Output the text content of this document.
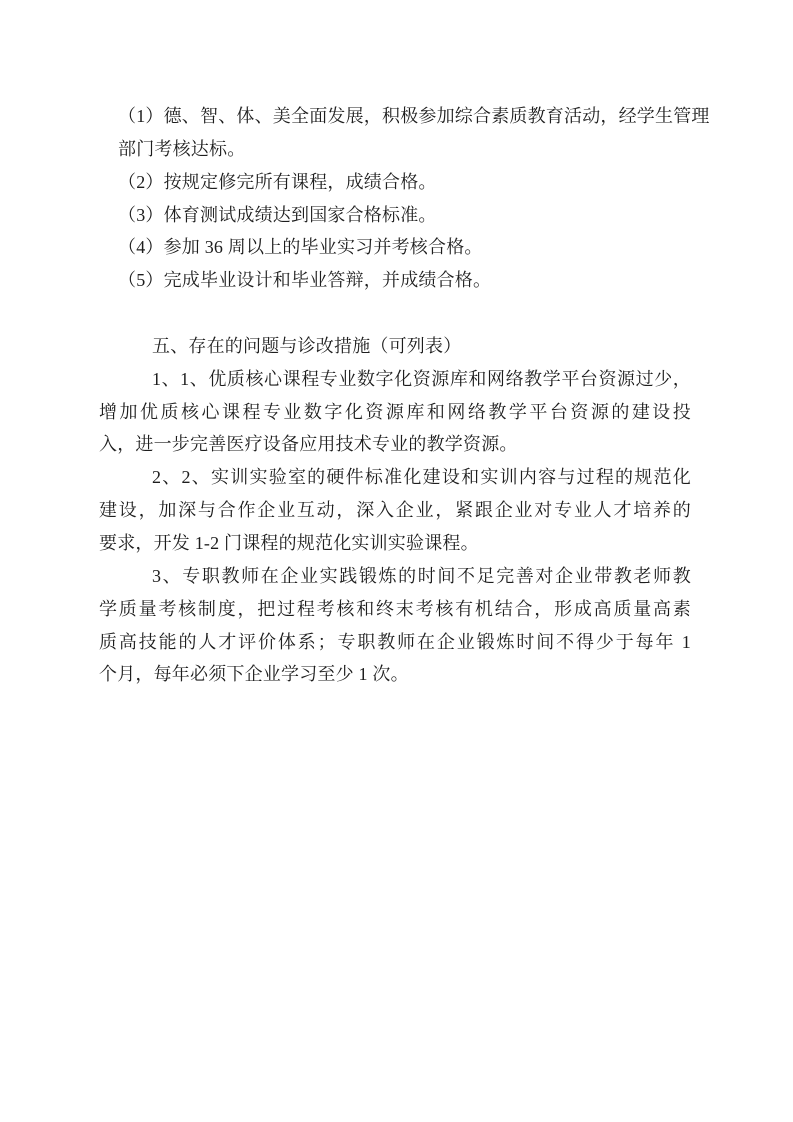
（1）德、智、体、美全面发展，积极参加综合素质教育活动，经学生管理
部门考核达标。
（2）按规定修完所有课程，成绩合格。
（3）体育测试成绩达到国家合格标准。
（4）参加 36 周以上的毕业实习并考核合格。
（5）完成毕业设计和毕业答辩，并成绩合格。
五、存在的问题与诊改措施（可列表）
1、1、优质核心课程专业数字化资源库和网络教学平台资源过少，
增加优质核心课程专业数字化资源库和网络教学平台资源的建设投
入，进一步完善医疗设备应用技术专业的教学资源。
2、2、实训实验室的硬件标准化建设和实训内容与过程的规范化
建设，加深与合作企业互动，深入企业，紧跟企业对专业人才培养的
要求，开发 1-2 门课程的规范化实训实验课程。
3、专职教师在企业实践锻炼的时间不足完善对企业带教老师教
学质量考核制度，把过程考核和终末考核有机结合，形成高质量高素
质高技能的人才评价体系；专职教师在企业锻炼时间不得少于每年 1
个月，每年必须下企业学习至少 1 次。
